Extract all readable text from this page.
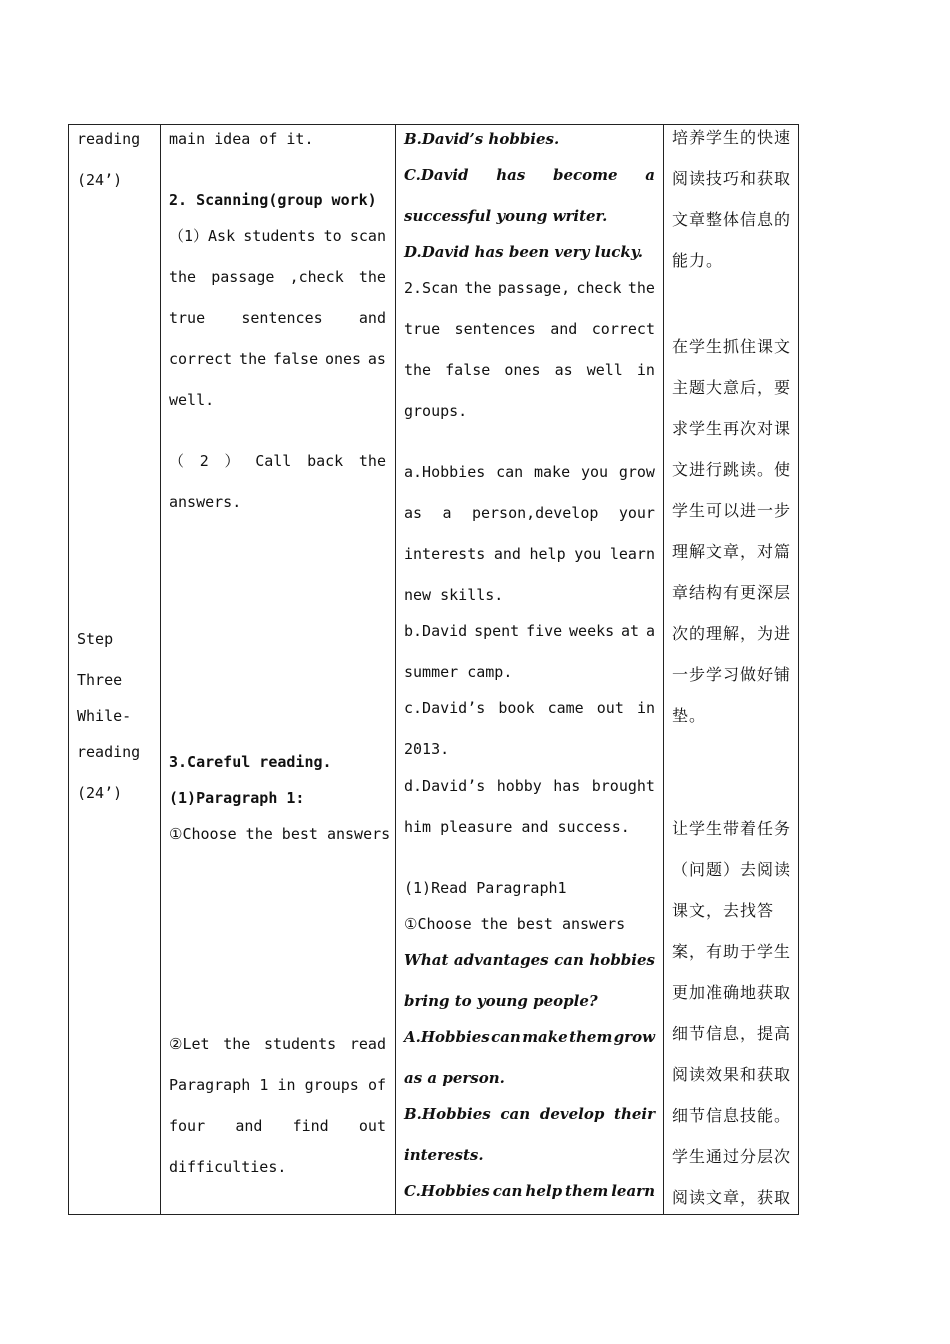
reading
(24’)
Step
Three
While-
reading
(24’)
main idea of it.
2. Scanning(group work)
（1）Ask students to scan
the passage ,check the
true sentences and
correct the false ones as
well.
（ 2 ） Call back the
answers.
3.Careful reading.
(1)Paragraph 1:
①Choose the best answers
②Let the students read
Paragraph 1 in groups of
four and find out
difficulties.
B.David’s hobbies.
C.David has become a
successful young writer.
D.David has been very lucky.
2.Scan the passage, check the
true sentences and correct
the false ones as well in
groups.
a.Hobbies can make you grow
as a person,develop your
interests and help you learn
new skills.
b.David spent five weeks at a
summer camp.
c.David’s book came out in
2013.
d.David’s hobby has brought
him pleasure and success.
(1)Read Paragraph1
①Choose the best answers
What advantages can hobbies
bring to young people?
A.Hobbies can make them grow
as a person.
B.Hobbies can develop their
interests.
C.Hobbies can help them learn
培养学生的快速
阅读技巧和获取
文章整体信息的
能力。
在学生抓住课文
主题大意后，要
求学生再次对课
文进行跳读。使
学生可以进一步
理解文章，对篇
章结构有更深层
次的理解，为进
一步学习做好铺
垫。
让学生带着任务
（问题）去阅读
课文，去找答
案，有助于学生
更加准确地获取
细节信息，提高
阅读效果和获取
细节信息技能。
学生通过分层次
阅读文章，获取
